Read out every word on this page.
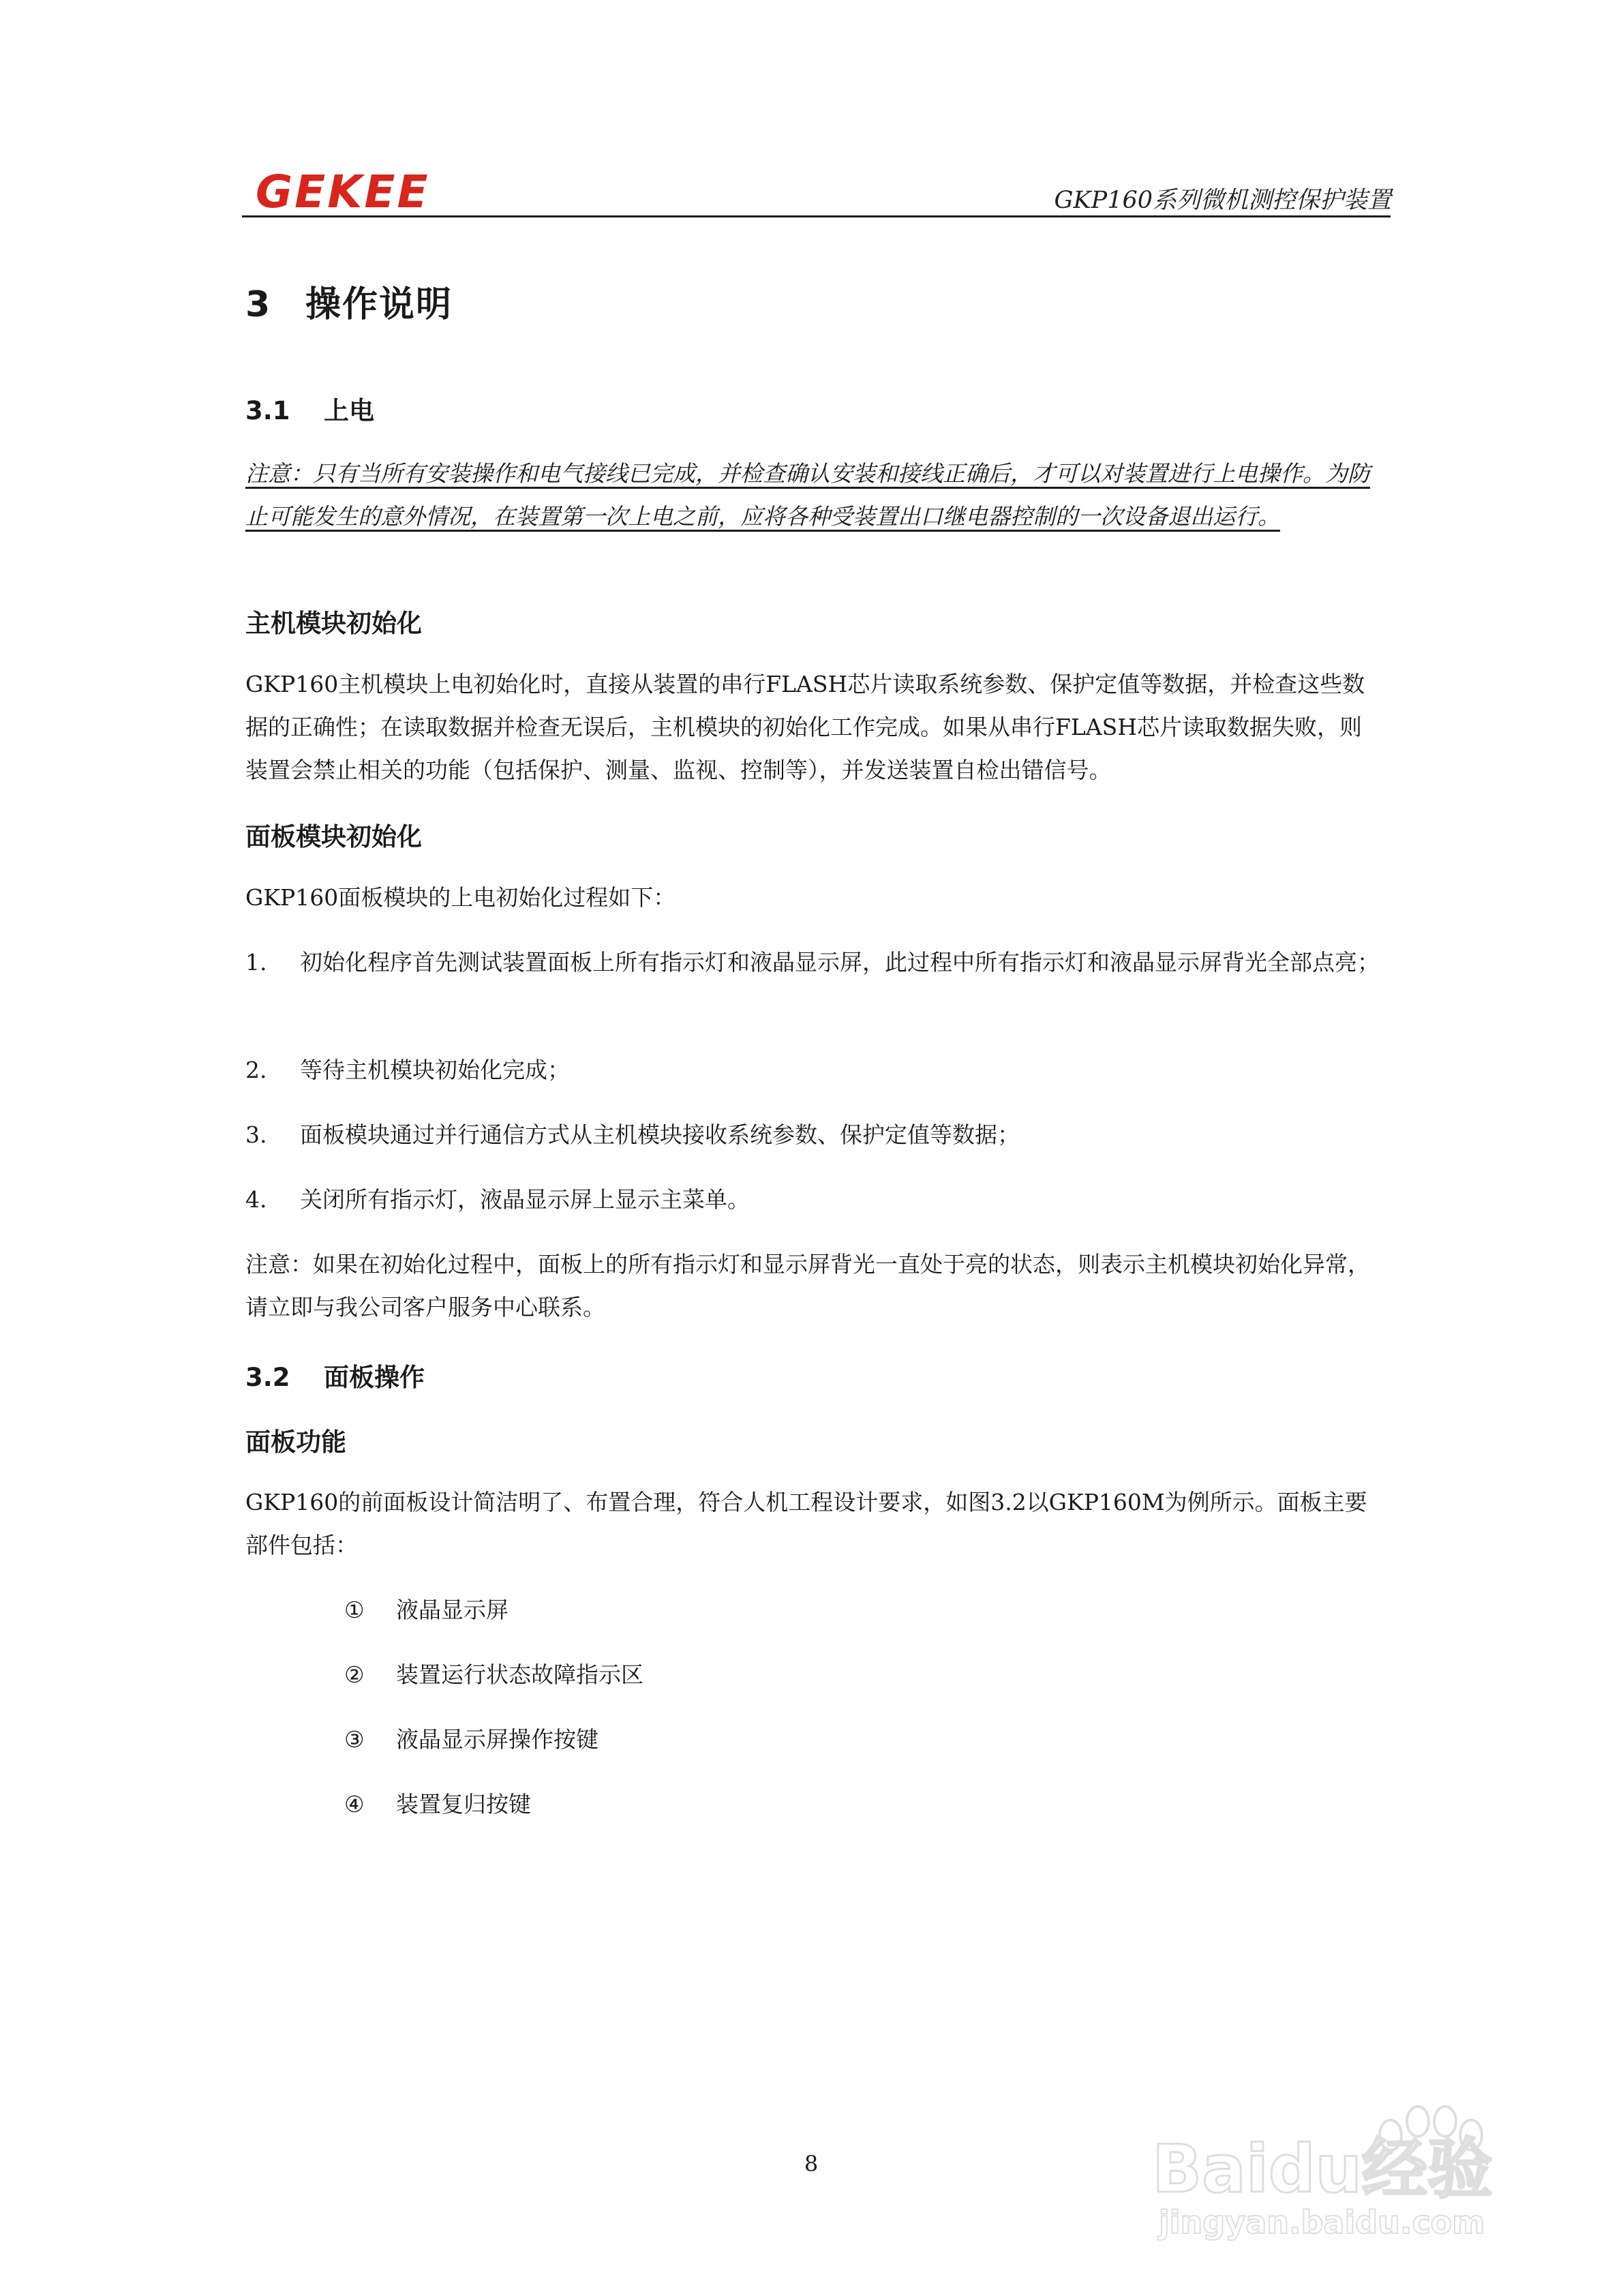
GEKEE	GKP160系列微机测控保护装置
3 操作说明
3.1 上电
注意：只有当所有安装操作和电气接线已完成，并检查确认安装和接线正确后，才可以对装置进行上电操作。为防止可能发生的意外情况，在装置第一次上电之前，应将各种受装置出口继电器控制的一次设备退出运行。
主机模块初始化
GKP160主机模块上电初始化时，直接从装置的串行FLASH芯片读取系统参数、保护定值等数据，并检查这些数据的正确性；在读取数据并检查无误后，主机模块的初始化工作完成。如果从串行FLASH芯片读取数据失败，则装置会禁止相关的功能（包括保护、测量、监视、控制等），并发送装置自检出错信号。
面板模块初始化
GKP160面板模块的上电初始化过程如下：
1. 初始化程序首先测试装置面板上所有指示灯和液晶显示屏，此过程中所有指示灯和液晶显示屏背光全部点亮；
2. 等待主机模块初始化完成；
3. 面板模块通过并行通信方式从主机模块接收系统参数、保护定值等数据；
4. 关闭所有指示灯，液晶显示屏上显示主菜单。
注意：如果在初始化过程中，面板上的所有指示灯和显示屏背光一直处于亮的状态，则表示主机模块初始化异常，请立即与我公司客户服务中心联系。
3.2 面板操作
面板功能
GKP160的前面板设计简洁明了、布置合理，符合人机工程设计要求，如图3.2以GKP160M为例所示。面板主要部件包括：
① 液晶显示屏
② 装置运行状态故障指示区
③ 液晶显示屏操作按键
④ 装置复归按键
8	Baidu经验
jingyan.baidu.com
